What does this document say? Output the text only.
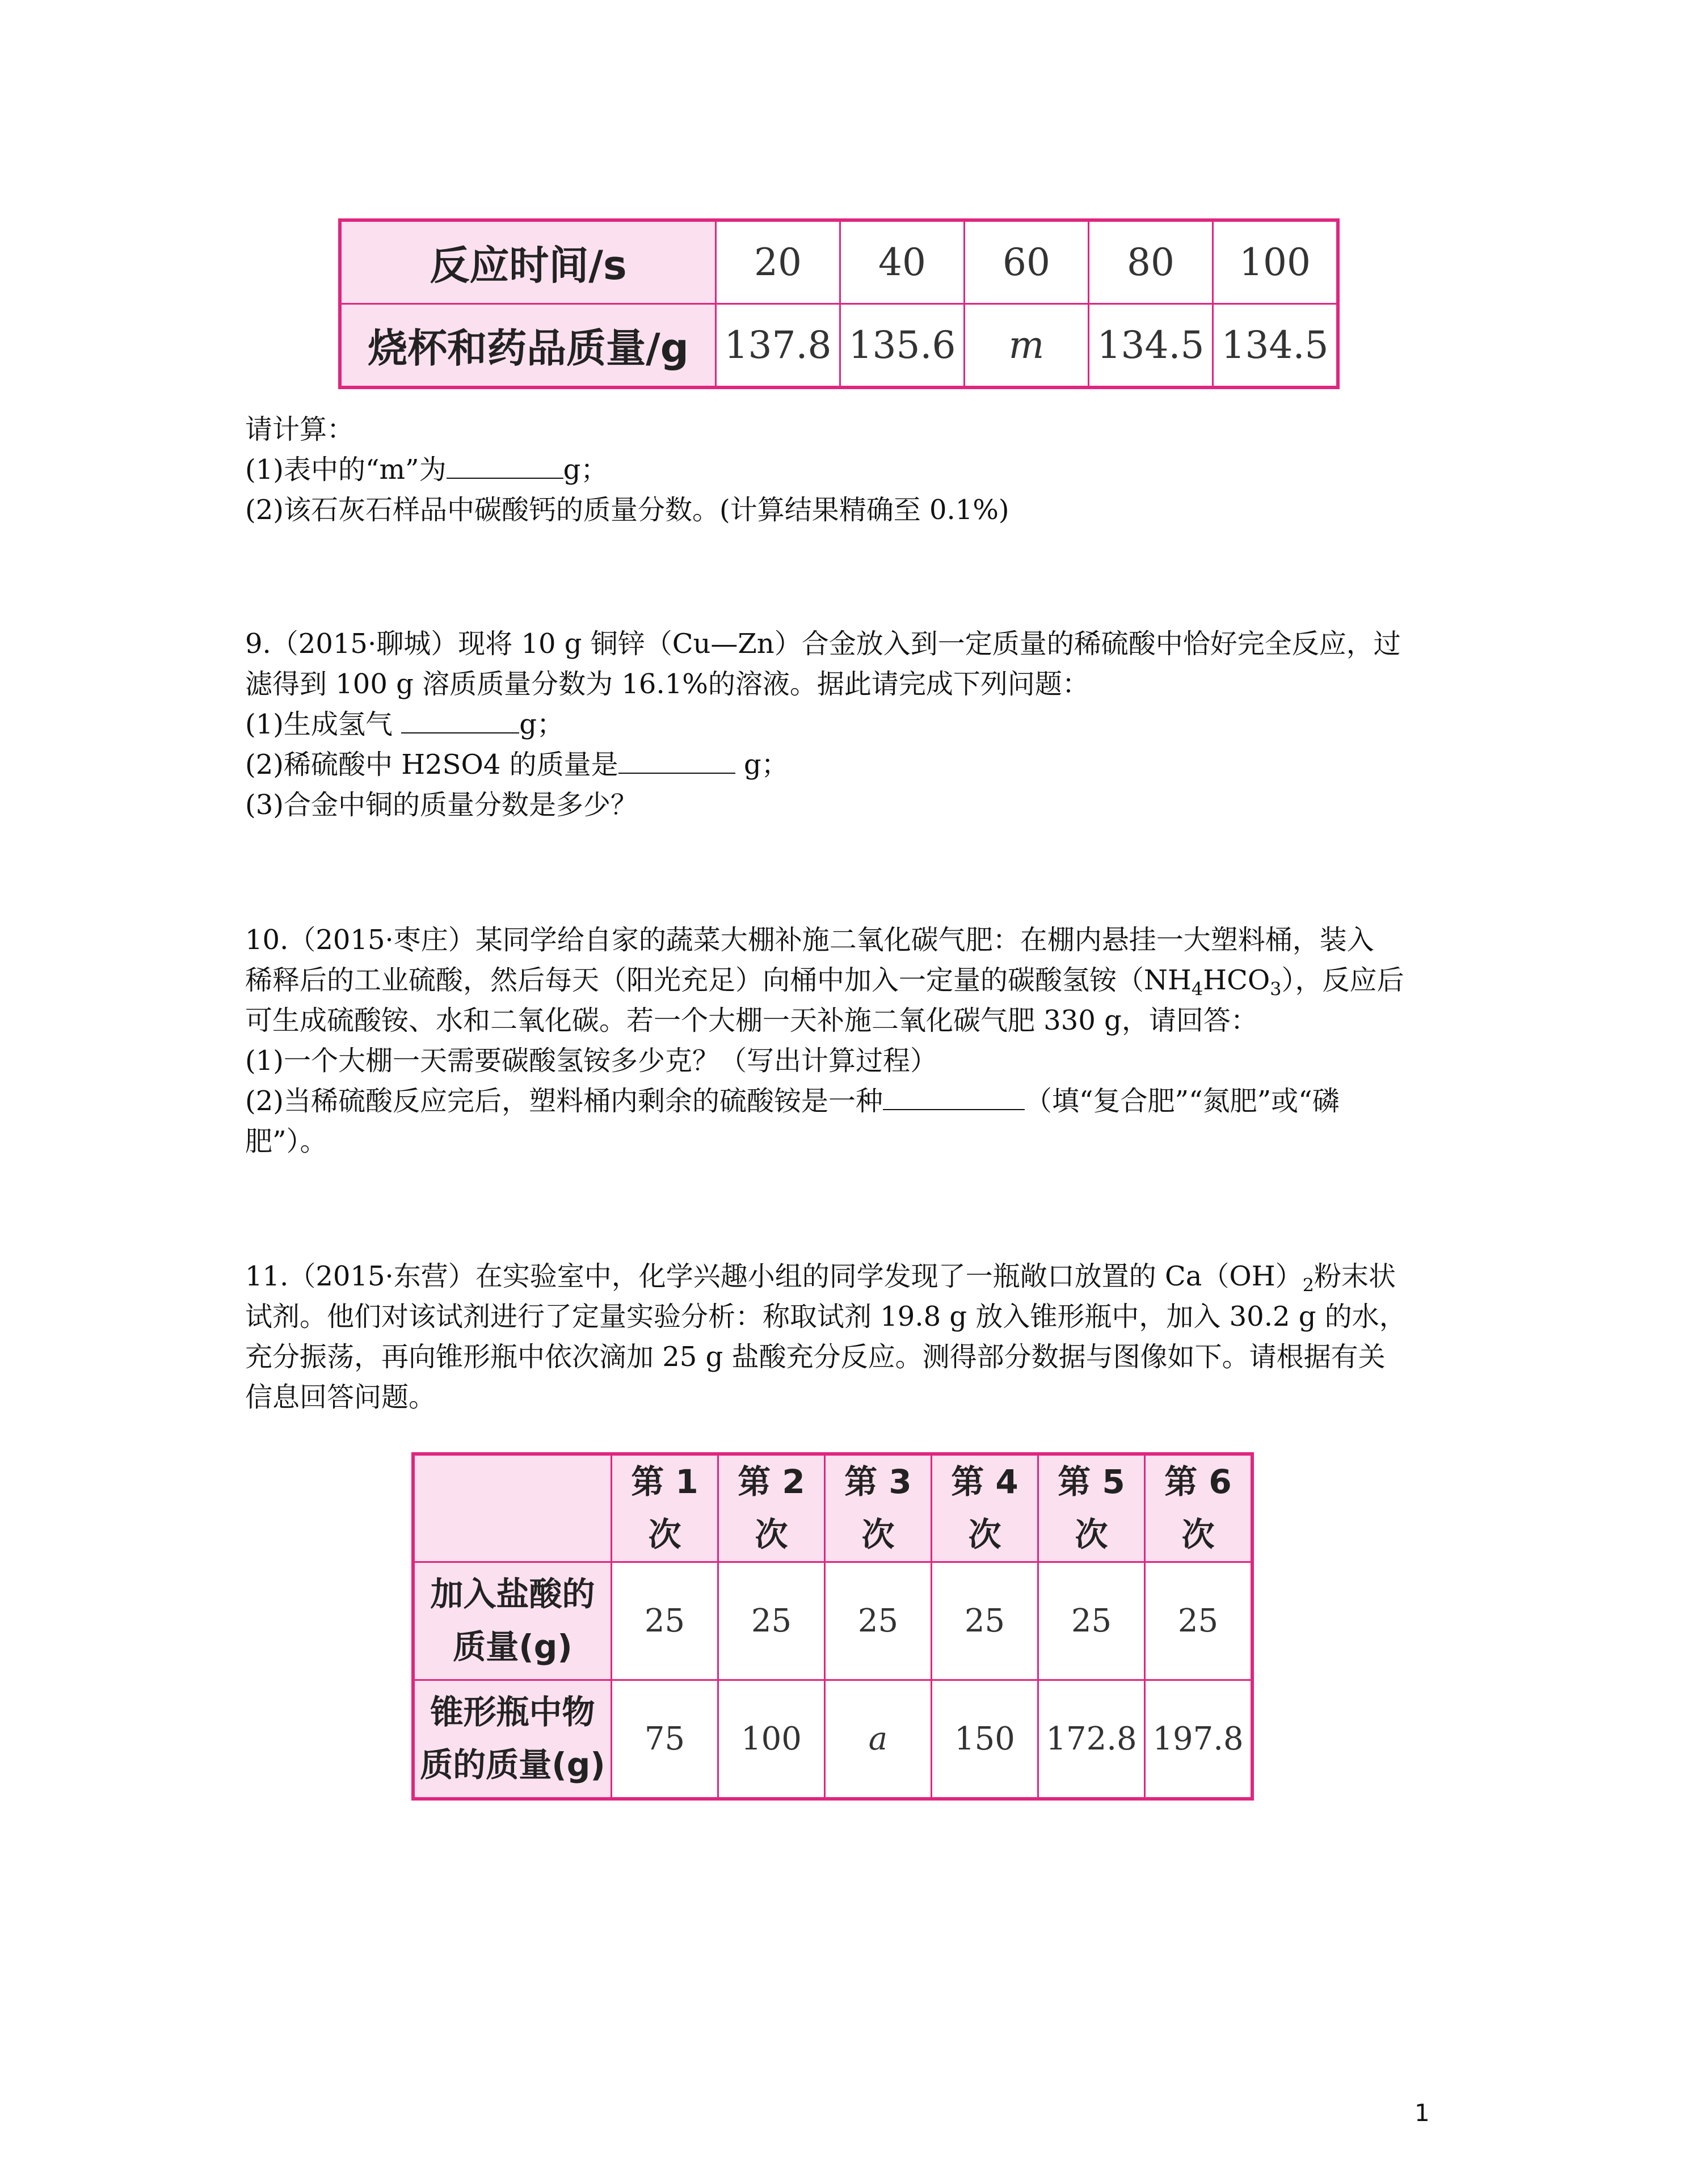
反应时间/s	20	40	60	80	100
烧杯和药品质量/g	137.8	135.6	m	134.5	134.5
请计算：
(1)表中的“m”为	g；
(2)该石灰石样品中碳酸钙的质量分数。(计算结果精确至 0.1%)
9.（2015·聊城）现将 10 g 铜锌（Cu—Zn）合金放入到一定质量的稀硫酸中恰好完全反应，过
滤得到 100 g 溶质质量分数为 16.1%的溶液。据此请完成下列问题：
(1)生成氢气	g；
(2)稀硫酸中 H2SO4 的质量是	g；
(3)合金中铜的质量分数是多少？
10.（2015·枣庄）某同学给自家的蔬菜大棚补施二氧化碳气肥：在棚内悬挂一大塑料桶，装入
稀释后的工业硫酸，然后每天（阳光充足）向桶中加入一定量的碳酸氢铵$(NH_4HCO_3)$，反应后
可生成硫酸铵、水和二氧化碳。若一个大棚一天补施二氧化碳气肥 330 g，请回答：
(1)一个大棚一天需要碳酸氢铵多少克？（写出计算过程）
(2)当稀硫酸反应完后，塑料桶内剩余的硫酸铵是一种	（填“复合肥”“氮肥”或“磷
肥”）。
11.（2015·东营）在实验室中，化学兴趣小组的同学发现了一瓶敞口放置的 $Ca(OH)_2$粉末状
试剂。他们对该试剂进行了定量实验分析：称取试剂 19.8 g 放入锥形瓶中，加入 30.2 g 的水，
充分振荡，再向锥形瓶中依次滴加 25 g 盐酸充分反应。测得部分数据与图像如下。请根据有关
信息回答问题。
	第 1 次	第 2 次	第 3 次	第 4 次	第 5 次	第 6 次

加入盐酸的
质量(g)	25	25	25	25	25	25

锥形瓶中物
质的质量(g)	75	100	a	150	172.8	197.8
1
